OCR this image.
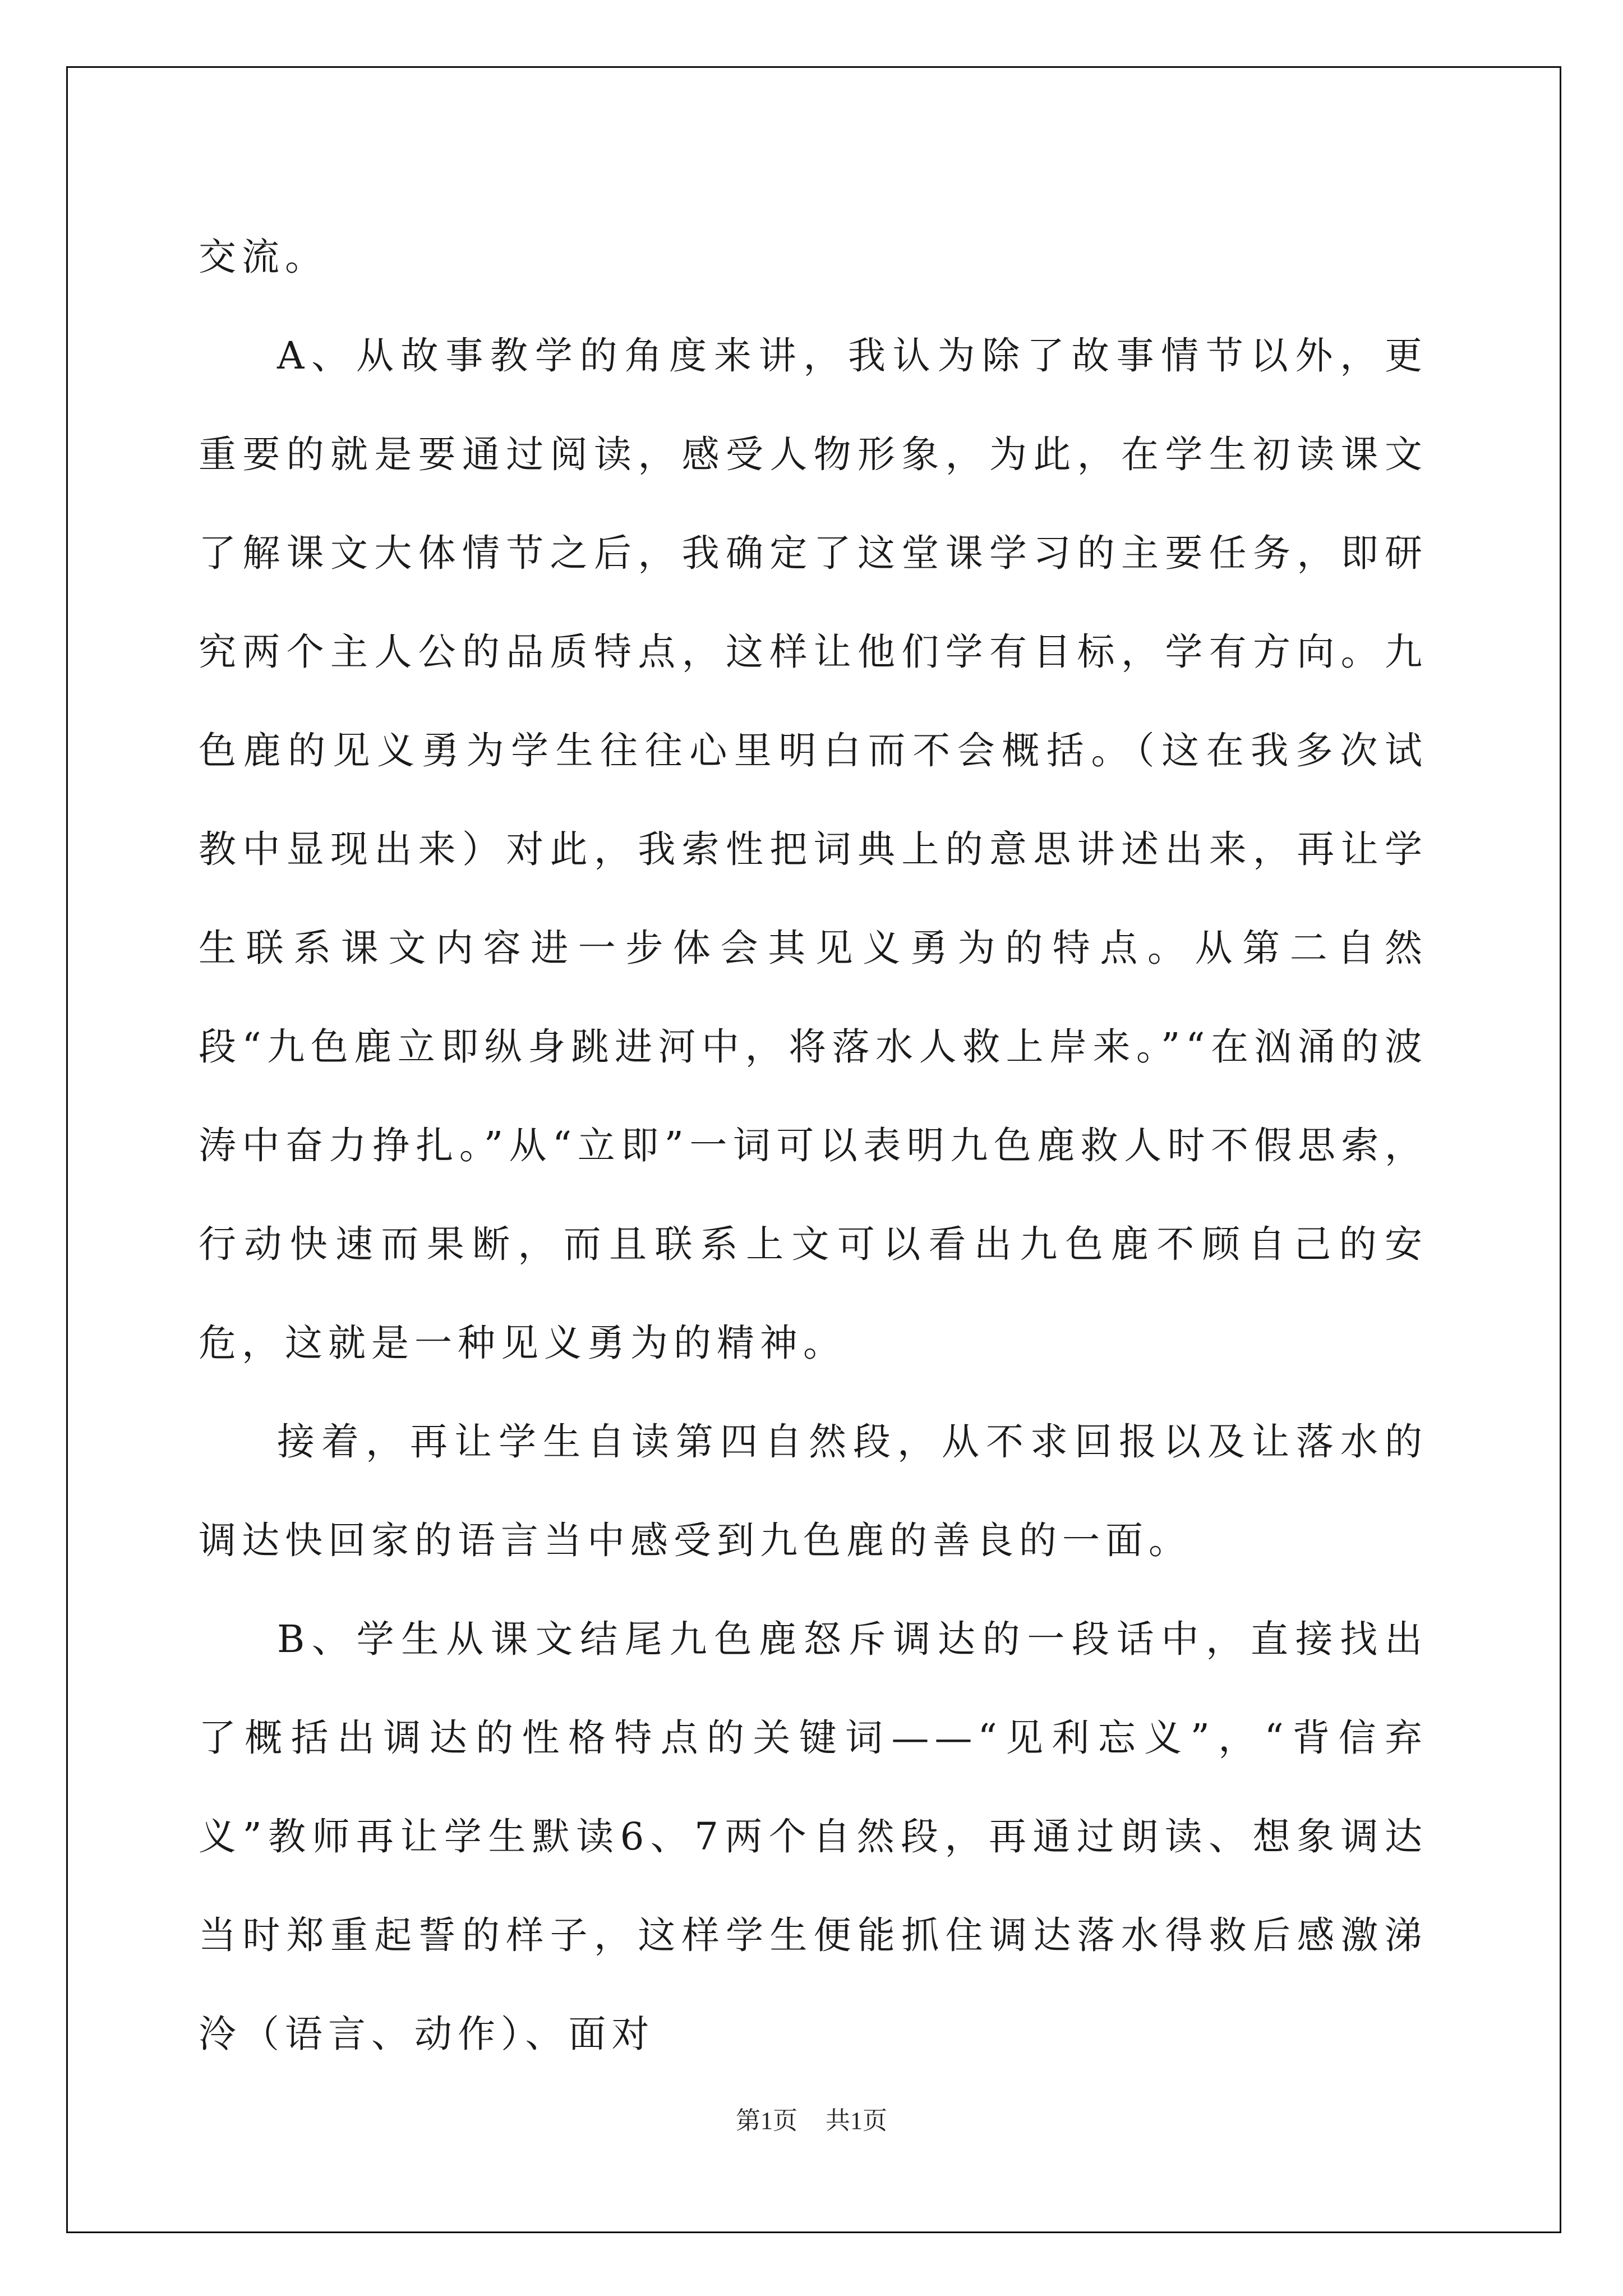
交流。

A、从故事教学的角度来讲，我认为除了故事情节以外，更重要的就是要通过阅读，感受人物形象，为此，在学生初读课文了解课文大体情节之后，我确定了这堂课学习的主要任务，即研究两个主人公的品质特点，这样让他们学有目标，学有方向。九色鹿的见义勇为学生往往心里明白而不会概括。（这在我多次试教中显现出来）对此，我索性把词典上的意思讲述出来，再让学生联系课文内容进一步体会其见义勇为的特点。从第二自然段“九色鹿立即纵身跳进河中，将落水人救上岸来。”“在汹涌的波涛中奋力挣扎。”从“立即”一词可以表明九色鹿救人时不假思索，行动快速而果断，而且联系上文可以看出九色鹿不顾自己的安危，这就是一种见义勇为的精神。

接着，再让学生自读第四自然段，从不求回报以及让落水的调达快回家的语言当中感受到九色鹿的善良的一面。

B、学生从课文结尾九色鹿怒斥调达的一段话中，直接找出了概括出调达的性格特点的关键词——“见利忘义”，“背信弃义”教师再让学生默读6、7两个自然段，再通过朗读、想象调达当时郑重起誓的样子，这样学生便能抓住调达落水得救后感激涕泠（语言、动作）、面对

第1页 共1页
